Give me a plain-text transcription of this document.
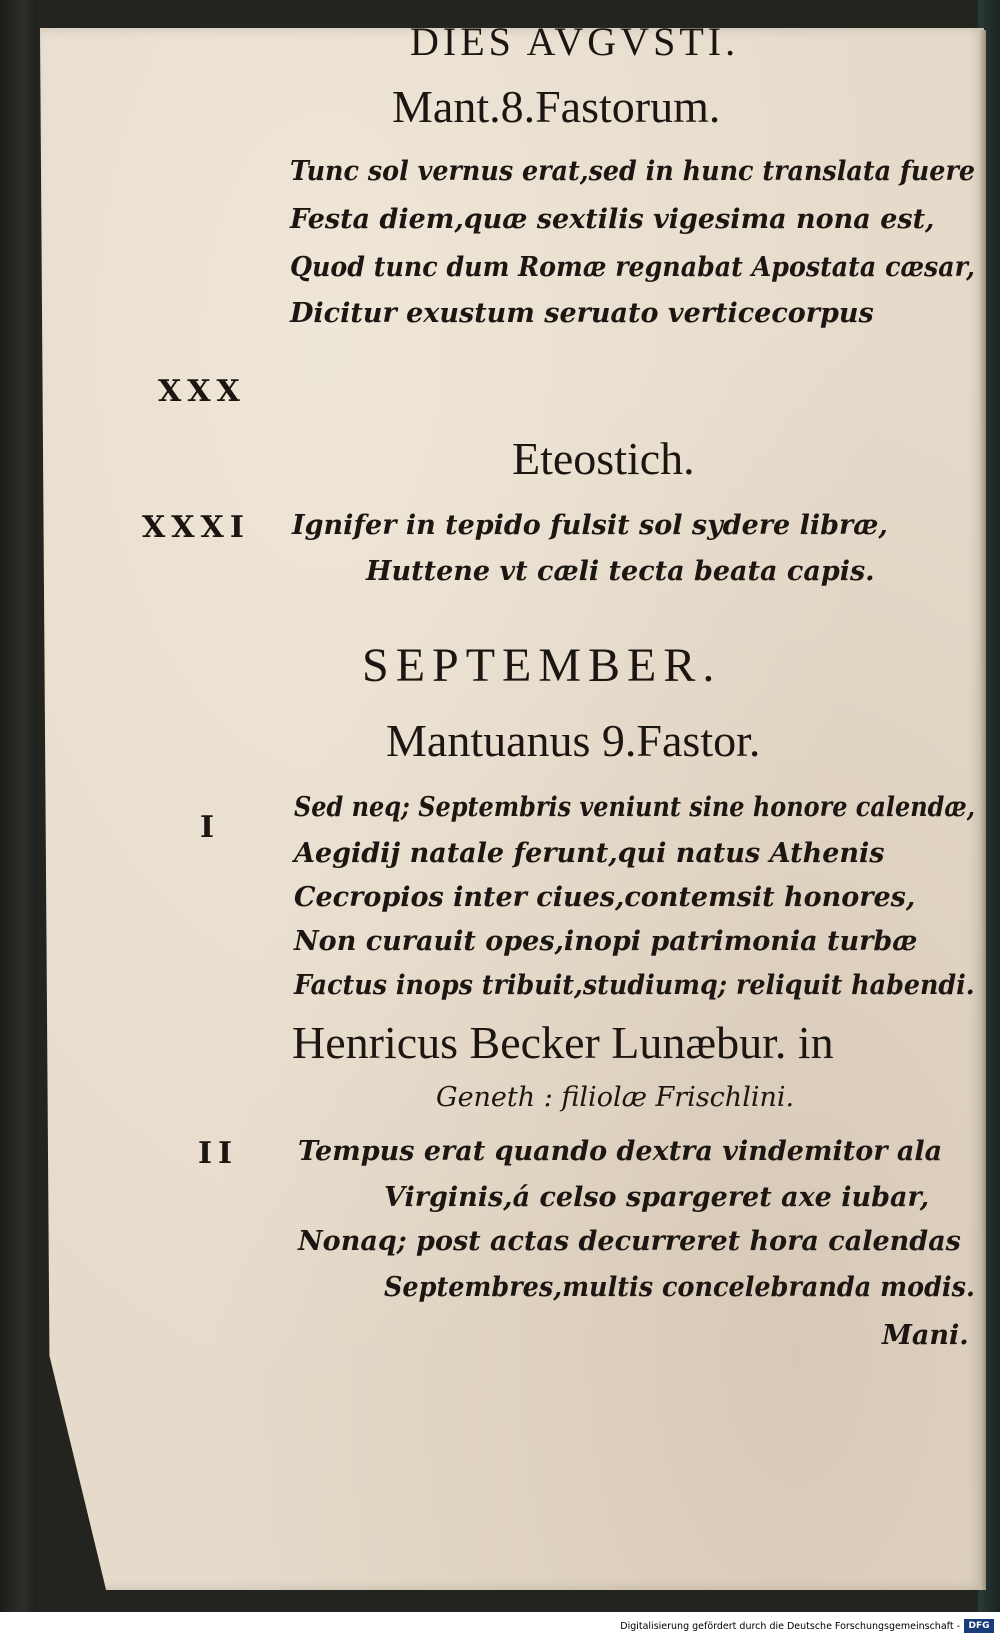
DIES AVGVSTI.
Mant.8.Fastorum.
Tunc sol vernus erat,sed in hunc translata fuere
Festa diem,quæ sextilis vigesima nona est,
Quod tunc dum Romæ regnabat Apostata cæsar,
Dicitur exustum seruato verticecorpus
XXX
Eteostich.
XXXI Ignifer in tepido fulsit sol sydere libræ,
Huttene vt cæli tecta beata capis.
SEPTEMBER.
Mantuanus 9.Fastor.
I
Sed neq; Septembris veniunt sine honore calendæ,
Aegidij natale ferunt,qui natus Athenis
Cecropios inter ciues,contemsit honores,
Non curauit opes,inopi patrimonia turbæ
Factus inops tribuit,studiumq; reliquit habendi.
Henricus Becker Lunæbur. in
Geneth : filiolæ Frischlini.
II Tempus erat quando dextra vindemitor ala
Virginis,á celso spargeret axe iubar,
Nonaq; post actas decurreret hora calendas
Septembres,multis concelebranda modis.
Mani.
Digitalisierung gefördert durch die Deutsche Forschungsgemeinschaft - DFG
